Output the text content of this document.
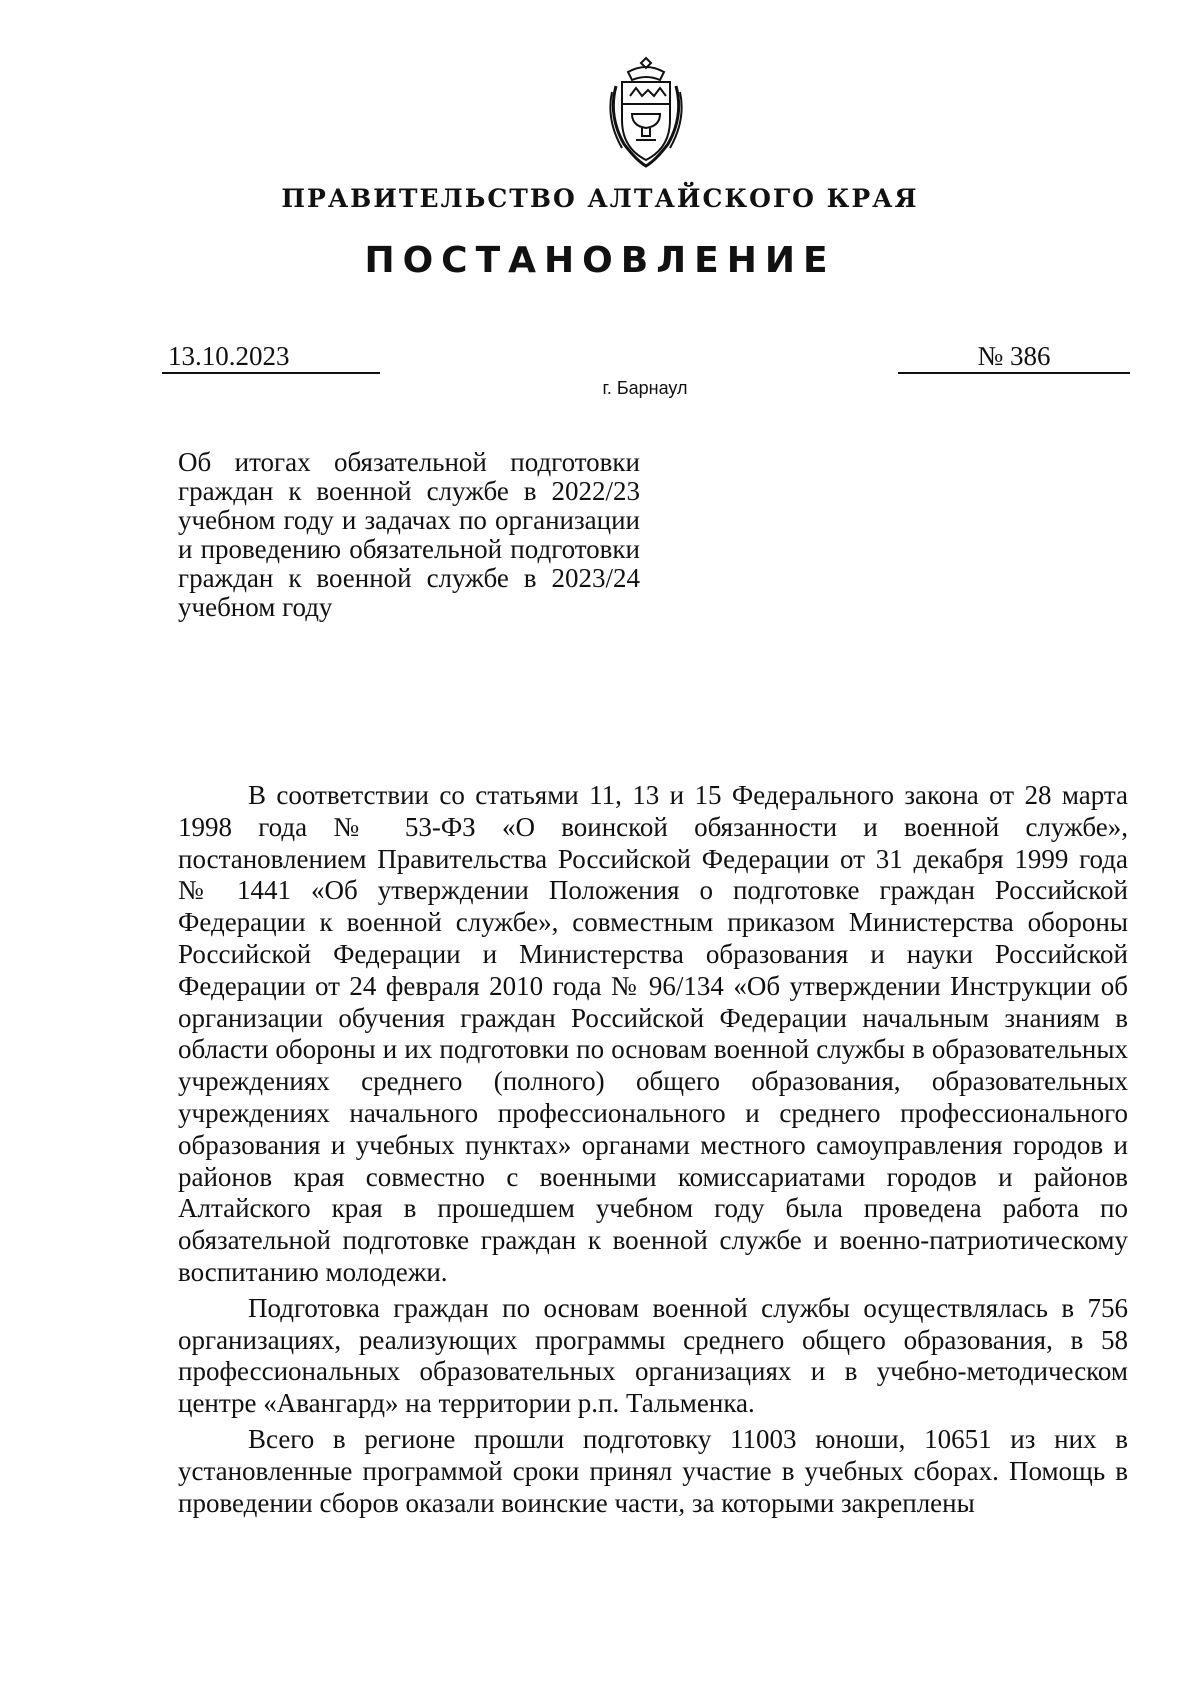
ПРАВИТЕЛЬСТВО АЛТАЙСКОГО КРАЯ
ПОСТАНОВЛЕНИЕ
13.10.2023	№ 386
г. Барнаул
Об итогах обязательной подготовки граждан к военной службе в 2022/23 учебном году и задачах по организации и проведению обязательной подготовки граждан к военной службе в 2023/24 учебном году

В соответствии со статьями 11, 13 и 15 Федерального закона от 28 марта 1998 года № 53-ФЗ «О воинской обязанности и военной службе», постановлением Правительства Российской Федерации от 31 декабря 1999 года № 1441 «Об утверждении Положения о подготовке граждан Российской Федерации к военной службе», совместным приказом Министерства обороны Российской Федерации и Министерства образования и науки Российской Федерации от 24 февраля 2010 года № 96/134 «Об утверждении Инструкции об организации обучения граждан Российской Федерации начальным знаниям в области обороны и их подготовки по основам военной службы в образовательных учреждениях среднего (полного) общего образования, образовательных учреждениях начального профессионального и среднего профессионального образования и учебных пунктах» органами местного самоуправления городов и районов края совместно с военными комиссариатами городов и районов Алтайского края в прошедшем учебном году была проведена работа по обязательной подготовке граждан к военной службе и военно-патриотическому воспитанию молодежи.

Подготовка граждан по основам военной службы осуществлялась в 756 организациях, реализующих программы среднего общего образования, в 58 профессиональных образовательных организациях и в учебно-методическом центре «Авангард» на территории р.п. Тальменка.

Всего в регионе прошли подготовку 11003 юноши, 10651 из них в установленные программой сроки принял участие в учебных сборах. Помощь в проведении сборов оказали воинские части, за которыми закреплены
